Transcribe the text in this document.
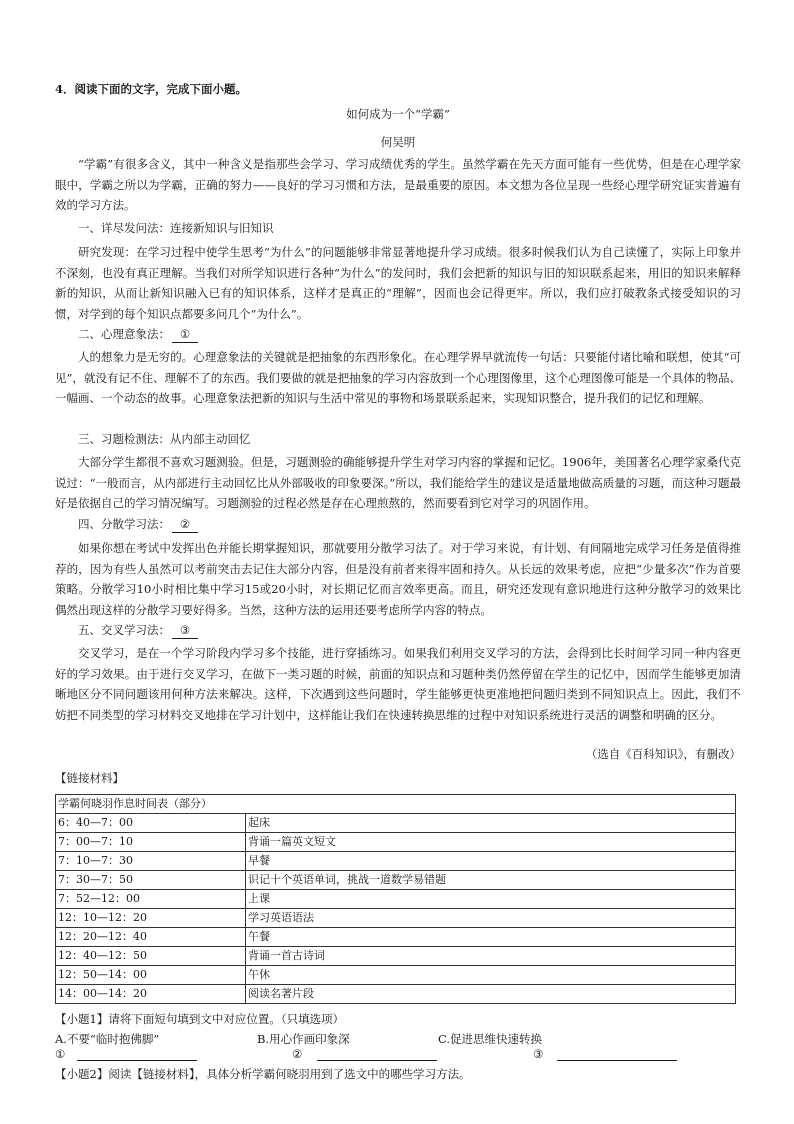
4．阅读下面的文字，完成下面小题。
如何成为一个“学霸”
何吴明

“学霸”有很多含义，其中一种含义是指那些会学习、学习成绩优秀的学生。虽然学霸在先天方面可能有一些优势，但是在心理学家眼中，学霸之所以为学霸，正确的努力——良好的学习习惯和方法，是最重要的原因。本文想为各位呈现一些经心理学研究证实普遍有效的学习方法。

一、详尽发问法：连接新知识与旧知识

研究发现：在学习过程中使学生思考“为什么”的问题能够非常显著地提升学习成绩。很多时候我们认为自己读懂了，实际上印象并不深刻，也没有真正理解。当我们对所学知识进行各种“为什么”的发问时，我们会把新的知识与旧的知识联系起来，用旧的知识来解释新的知识，从而让新知识融入已有的知识体系，这样才是真正的“理解”，因而也会记得更牢。所以，我们应打破教条式接受知识的习惯，对学到的每个知识点都要多问几个“为什么”。

二、心理意象法： ①

人的想象力是无穷的。心理意象法的关键就是把抽象的东西形象化。在心理学界早就流传一句话：只要能付诸比喻和联想，使其“可见”，就没有记不住、理解不了的东西。我们要做的就是把抽象的学习内容放到一个心理图像里，这个心理图像可能是一个具体的物品、一幅画、一个动态的故事。心理意象法把新的知识与生活中常见的事物和场景联系起来，实现知识整合，提升我们的记忆和理解。

三、习题检测法：从内部主动回忆

大部分学生都很不喜欢习题测验。但是，习题测验的确能够提升学生对学习内容的掌握和记忆。1906年，美国著名心理学家桑代克说过：“一般而言，从内部进行主动回忆比从外部吸收的印象要深。”所以，我们能给学生的建议是适量地做高质量的习题，而这种习题最好是依据自己的学习情况编写。习题测验的过程必然是存在心理煎熬的，然而要看到它对学习的巩固作用。

四、分散学习法： ②

如果你想在考试中发挥出色并能长期掌握知识，那就要用分散学习法了。对于学习来说，有计划、有间隔地完成学习任务是值得推荐的，因为有些人虽然可以考前突击去记住大部分内容，但是没有前者来得牢固和持久。从长远的效果考虑，应把“少量多次”作为首要策略。分散学习10小时相比集中学习15或20小时，对长期记忆而言效率更高。而且，研究还发现有意识地进行这种分散学习的效果比偶然出现这样的分散学习要好得多。当然，这种方法的运用还要考虑所学内容的特点。

五、交叉学习法： ③

交叉学习，是在一个学习阶段内学习多个技能，进行穿插练习。如果我们利用交叉学习的方法，会得到比长时间学习同一种内容更好的学习效果。由于进行交叉学习，在做下一类习题的时候，前面的知识点和习题种类仍然停留在学生的记忆中，因而学生能够更加清晰地区分不同问题该用何种方法来解决。这样，下次遇到这些问题时，学生能够更快更准地把问题归类到不同知识点上。因此，我们不妨把不同类型的学习材料交叉地排在学习计划中，这样能让我们在快速转换思维的过程中对知识系统进行灵活的调整和明确的区分。

（选自《百科知识》，有删改）
【链接材料】
学霸何晓羽作息时间表（部分）	
6：40—7：00	起床
7：00—7：10	背诵一篇英文短文
7：10—7：30	早餐
7：30—7：50	识记十个英语单词，挑战一道数学易错题
7：52—12：00	上课
12：10—12：20	学习英语语法
12：20—12：40	午餐
12：40—12：50	背诵一首古诗词
12：50—14：00	午休
14：00—14：20	阅读名著片段
【小题1】请将下面短句填到文中对应位置。（只填选项）
A.不要“临时抱佛脚”	B.用心作画印象深	C.促进思维快速转换
①	②	③
【小题2】阅读【链接材料】，具体分析学霸何晓羽用到了选文中的哪些学习方法。
